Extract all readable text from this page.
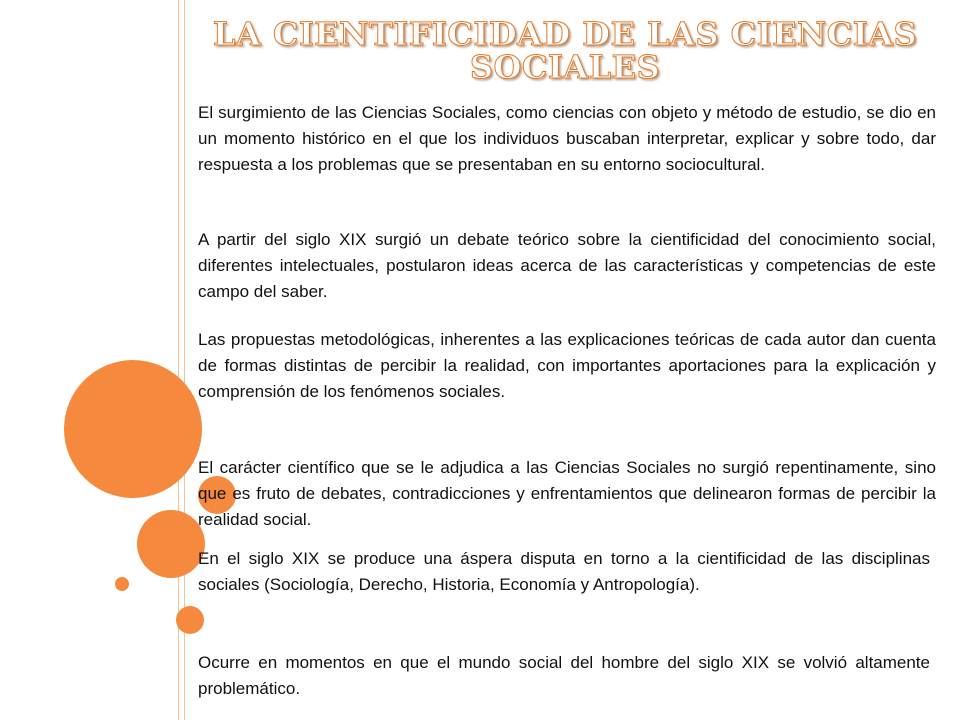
LA CIENTIFICIDAD DE LAS CIENCIAS SOCIALES

El surgimiento de las Ciencias Sociales, como ciencias con objeto y método de estudio, se dio en un momento histórico en el que los individuos buscaban interpretar, explicar y sobre todo, dar respuesta a los problemas que se presentaban en su entorno sociocultural.

A partir del siglo XIX surgió un debate teórico sobre la cientificidad del conocimiento social, diferentes intelectuales, postularon ideas acerca de las características y competencias de este campo del saber.

Las propuestas metodológicas, inherentes a las explicaciones teóricas de cada autor dan cuenta de formas distintas de percibir la realidad, con importantes aportaciones para la explicación y comprensión de los fenómenos sociales.

El carácter científico que se le adjudica a las Ciencias Sociales no surgió repentinamente, sino que es fruto de debates, contradicciones y enfrentamientos que delinearon formas de percibir la realidad social.

En el siglo XIX se produce una áspera disputa en torno a la cientificidad de las disciplinas sociales (Sociología, Derecho, Historia, Economía y Antropología).

Ocurre en momentos en que el mundo social del hombre del siglo XIX se volvió altamente problemático.
